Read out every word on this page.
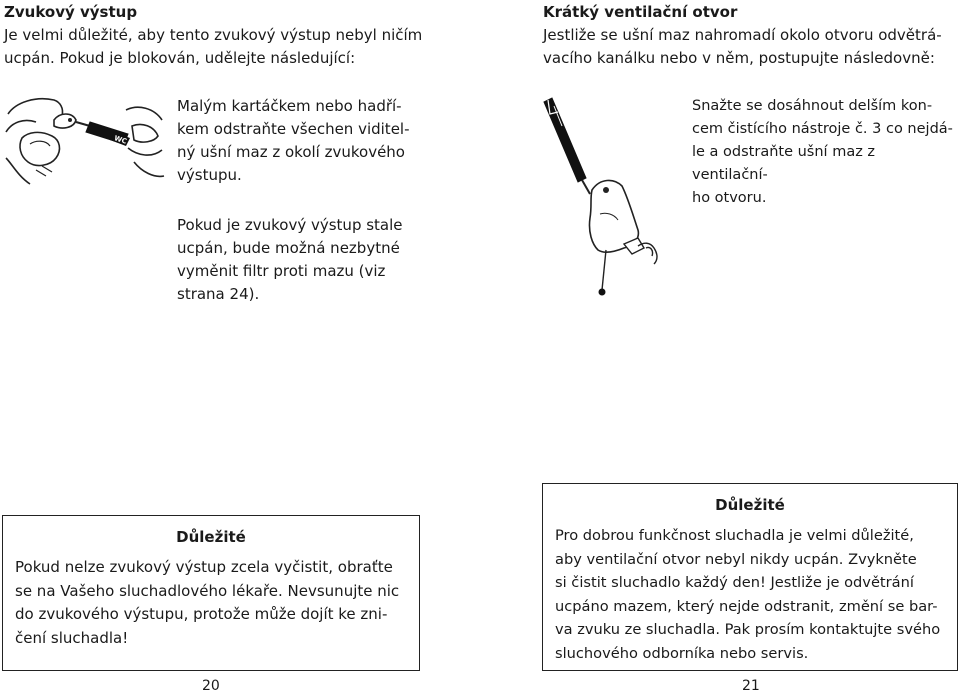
Zvukový výstup
Je velmi důležité, aby tento zvukový výstup nebyl ničím
ucpán. Pokud je blokován, udělejte následující:
WC
Malým kartáčkem nebo hadří-
kem odstraňte všechen viditel-
ný ušní maz z okolí zvukového
výstupu.
Pokud je zvukový výstup stale
ucpán, bude možná nezbytné
vyměnit filtr proti mazu (viz
strana 24).
Důležité
Pokud nelze zvukový výstup zcela vyčistit, obraťte
se na Vašeho sluchadlového lékaře. Nevsunujte nic
do zvukového výstupu, protože může dojít ke zni-
čení sluchadla!
20
Krátký ventilační otvor
Jestliže se ušní maz nahromadí okolo otvoru odvětrá-
vacího kanálku nebo v něm, postupujte následovně:
Snažte se dosáhnout delším kon-
cem čistícího nástroje č. 3 co nejdá-
le a odstraňte ušní maz z ventilační-
ho otvoru.
Důležité
Pro dobrou funkčnost sluchadla je velmi důležité,
aby ventilační otvor nebyl nikdy ucpán. Zvykněte
si čistit sluchadlo každý den! Jestliže je odvětrání
ucpáno mazem, který nejde odstranit, změní se bar-
va zvuku ze sluchadla. Pak prosím kontaktujte svého
sluchového odborníka nebo servis.
21
